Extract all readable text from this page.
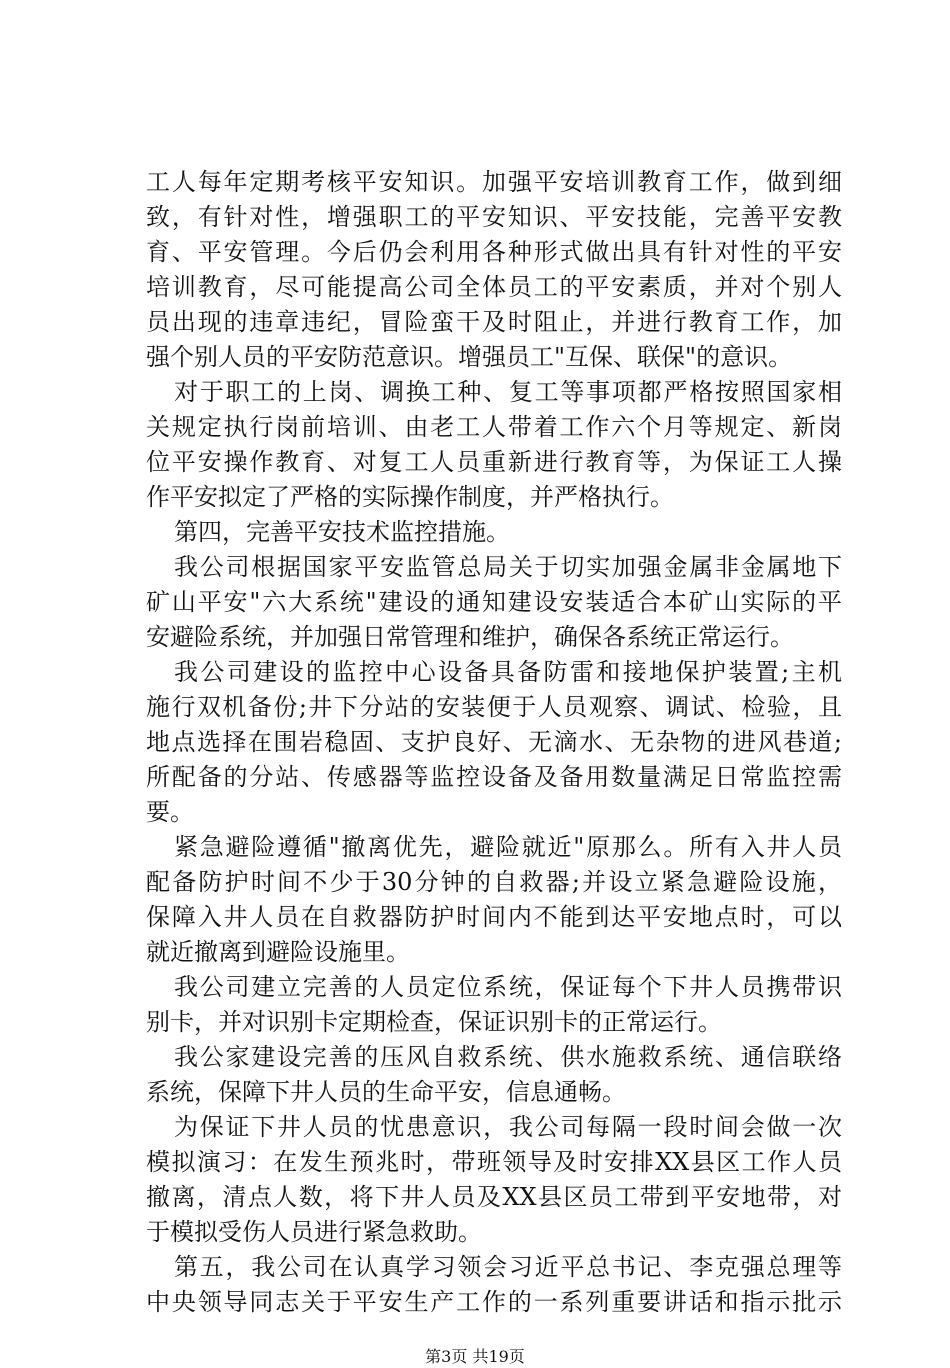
工人每年定期考核平安知识。加强平安培训教育工作，做到细
致，有针对性，增强职工的平安知识、平安技能，完善平安教
育、平安管理。今后仍会利用各种形式做出具有针对性的平安
培训教育，尽可能提高公司全体员工的平安素质，并对个别人
员出现的违章违纪，冒险蛮干及时阻止，并进行教育工作，加
强个别人员的平安防范意识。增强员工"互保、联保"的意识。
对于职工的上岗、调换工种、复工等事项都严格按照国家相
关规定执行岗前培训、由老工人带着工作六个月等规定、新岗
位平安操作教育、对复工人员重新进行教育等，为保证工人操
作平安拟定了严格的实际操作制度，并严格执行。
第四，完善平安技术监控措施。
我公司根据国家平安监管总局关于切实加强金属非金属地下
矿山平安"六大系统"建设的通知建设安装适合本矿山实际的平
安避险系统，并加强日常管理和维护，确保各系统正常运行。
我公司建设的监控中心设备具备防雷和接地保护装置;主机
施行双机备份;井下分站的安装便于人员观察、调试、检验，且
地点选择在围岩稳固、支护良好、无滴水、无杂物的进风巷道;
所配备的分站、传感器等监控设备及备用数量满足日常监控需
要。
紧急避险遵循"撤离优先，避险就近"原那么。所有入井人员
配备防护时间不少于30分钟的自救器;并设立紧急避险设施，
保障入井人员在自救器防护时间内不能到达平安地点时，可以
就近撤离到避险设施里。
我公司建立完善的人员定位系统，保证每个下井人员携带识
别卡，并对识别卡定期检查，保证识别卡的正常运行。
我公家建设完善的压风自救系统、供水施救系统、通信联络
系统，保障下井人员的生命平安，信息通畅。
为保证下井人员的忧患意识，我公司每隔一段时间会做一次
模拟演习：在发生预兆时，带班领导及时安排XX县区工作人员
撤离，清点人数，将下井人员及XX县区员工带到平安地带，对
于模拟受伤人员进行紧急救助。
第五，我公司在认真学习领会习近平总书记、李克强总理等
中央领导同志关于平安生产工作的一系列重要讲话和指示批示
第3页 共19页
